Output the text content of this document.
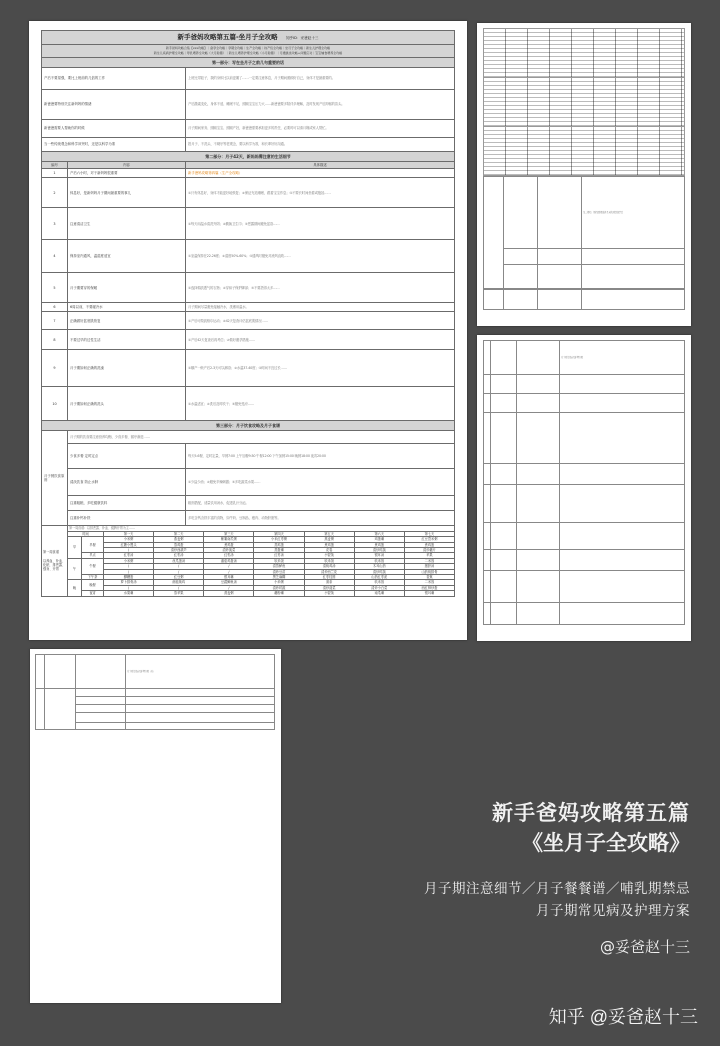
新手爸妈攻略第五篇-坐月子全攻略 知乎ID：妥爸赵十三		

新手爸妈攻略合集【xxx攻略】｜备孕全攻略｜孕期全攻略｜生产全攻略｜待产包全攻略｜坐月子全攻略｜新生儿护理全攻略
新生儿疾病护理全攻略｜母乳喂养全攻略（大月龄篇）｜新生儿喂养护理全攻略（小月龄篇）｜月嫂挑选攻略+问题应对｜宝宝辅食喂养全攻略		

第一部分：写在坐月子之前几句重要的话		
产后不要逞强，要比上班前的几倍的工作		上班比带娃子，我的身体比以前更累了……一定要注意休息，月子期间照顾好自己，身体才是最重要的。
新爸爸要特别关注新妈妈的情绪		产后激素变化、身体不适、睡眠不足、照顾宝宝压力大……新爸爸要多陪伴多理解，及时发现产后抑郁的苗头。
新爸爸需要人帮助你的时候		月子期间家务、照顾宝宝、照顾产妇，新爸爸需要承担更多的责任，必要时可以请月嫂或家人帮忙。
当一些传统观念和科学冲突时，还是以科学为准		捂月子、不洗头、不刷牙等老观念，要以科学为准，和长辈好好沟通。
第二部分：月子42天，新妈妈需注意的生活细节		
编号	内容	具体描述
1	产后六小时，对于新妈妈很重要	新手爸妈攻略第四篇（生产全攻略）
2	休息好，是新妈妈月子期间最重要的事儿	①只有休息好，身体才能更好地恢复；②保证充足睡眠，跟着宝宝作息；③不要长时间坐着或抱娃……
3	注意清洁卫生	①每天用温水清洗外阴；②勤换卫生巾；③恶露期间避免盆浴……
4	保持室内通风，温湿度适宜	①室温保持在22-26度；②湿度50%-60%；③通风时避免对流风直吹……
5	月子期要穿的保暖	①选择棉质透气的衣物；②穿袜子保护脚部；③不要捂得太多……
6	6周以前，不要碰冷水	月子期间尽量避免接触冷水，洗漱用温水。
7	正确做好盆底肌恢复	①产后可做凯格尔运动；②42天复查评估盆底肌情况……
8	不要过早的过性生活	①产后42天复查后再考虑；②做好避孕措施……
9	月子期如何正确的洗澡	①顺产一般产后2-3天可以淋浴；②水温37-40度；③时间不宜过长……
10	月子期如何正确的洗头	①水温适宜；②洗后及时吹干；③避免受凉……
第三部分：月子饮食攻略及月子食谱		
月子餐饮食原则	月子期的饮食要注意营养均衡、少食多餐、循序渐进……	
	少食多餐 定时定点	每天5-6餐，定时定量，早餐7:00 上午加餐9:30 午餐12:00 下午加餐15:00 晚餐18:00 夜宵20:00
	清淡饮食 防止水肿	①少盐少油；②避免辛辣刺激；③多吃蔬菜水果……
	注重粗粮，多吃健康饮料	粗细搭配，适量饮用汤水，促进乳汁分泌。
	注重补钙补铁	多吃含钙含铁丰富的食物，如牛奶、豆制品、瘦肉、动物肝脏等。
第一周食谱
以养血、补血、化瘀，排恶露、强身、开胃	第一周食谱：以排恶露、补血、健脾开胃为主……								
	时间		第一天	第二天	第三天	第四天	第五天	第六天	第七天
	早	早餐	小米粥	燕麦粥	紫薯南瓜粥	小米红枣粥	燕麦粥	鸡蛋羹	红豆薏米粥
			红糖小馒头	蒸鸡蛋	煮鸡蛋	蒸鸡蛋	煮鸡蛋	煮鸡蛋	煮鸡蛋
			/	清炒西葫芦	清炒菠菜	蒸蛋羹	花卷	清炒时蔬	清炒藕片
		早点	红枣汤	红枣汤	红枣汤	红枣汤	小馄饨	银耳汤	苹果
	午	午餐	小米粥	丝瓜蛋汤	番茄鸡蛋汤	软米饭	软米饭	软米饭	二米饭
			/	/	/	清蒸鲈鱼	清炖鸡汤	木耳山药	猪肝汤
			/	/	/	清炒豆苗	清炒西兰花	清炒时蔬	山药炖排骨
		下午茶	醪糟蛋	红豆粥	银耳羹	黑芝麻糊	红枣桂圆	山药红枣泥	香蕉
	晚	晚餐	萝卜排骨汤	菌菇炖鸡	豆腐鲫鱼汤	小米粥	面条	软米饭	二米饭
			/	/	/	清炒时蔬	清炒菠菜	清炒小白菜	西红柿炒蛋
		夜宵	水果羹	蒸苹果	燕麦粥	藕粉羹	小馄饨	南瓜羹	银耳羹
			第二周/第三周/第四周食谱 及 哺乳期饮食禁忌

			月子期常见病及护理方案

			月子期常见病及护理方案（续）

新手爸妈攻略第五篇
《坐月子全攻略》
月子期注意细节／月子餐餐谱／哺乳期禁忌
月子期常见病及护理方案
@妥爸赵十三
知乎 @妥爸赵十三
